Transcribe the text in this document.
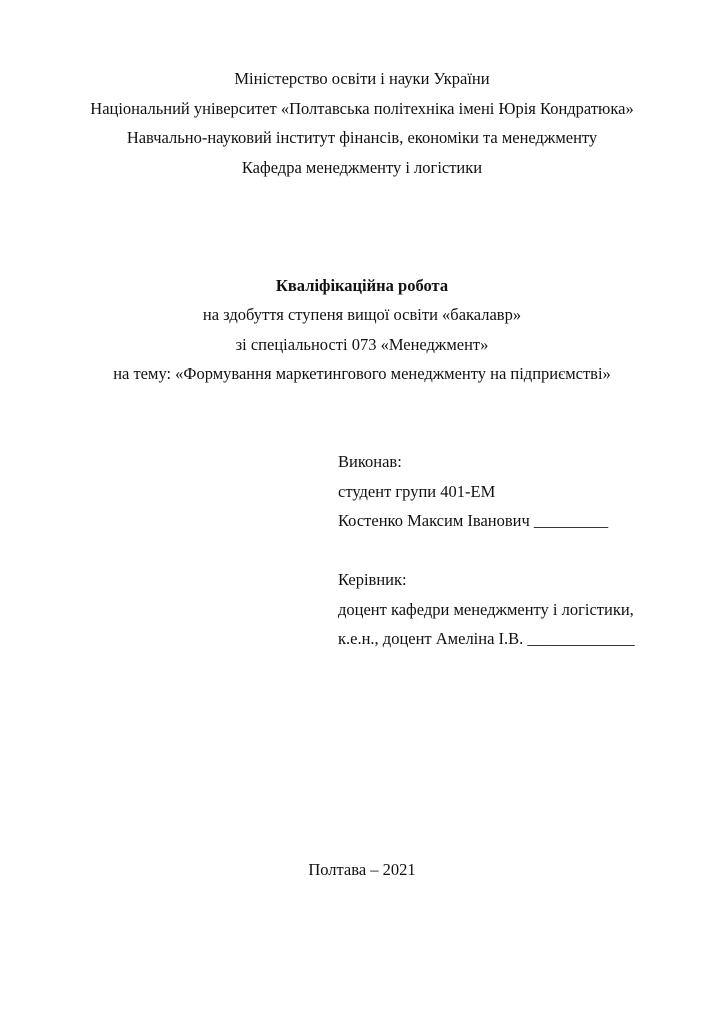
Міністерство освіти і науки України
Національний університет «Полтавська політехніка імені Юрія Кондратюка»
Навчально-науковий інститут фінансів, економіки та менеджменту
Кафедра менеджменту і логістики
Кваліфікаційна робота
на здобуття ступеня вищої освіти «бакалавр»
зі спеціальності 073 «Менеджмент»
на тему: «Формування маркетингового менеджменту на підприємстві»
Виконав:
студент групи 401-ЕМ
Костенко Максим Іванович _________
Керівник:
доцент кафедри менеджменту і логістики,
к.е.н., доцент Амеліна І.В. _____________
Полтава – 2021
